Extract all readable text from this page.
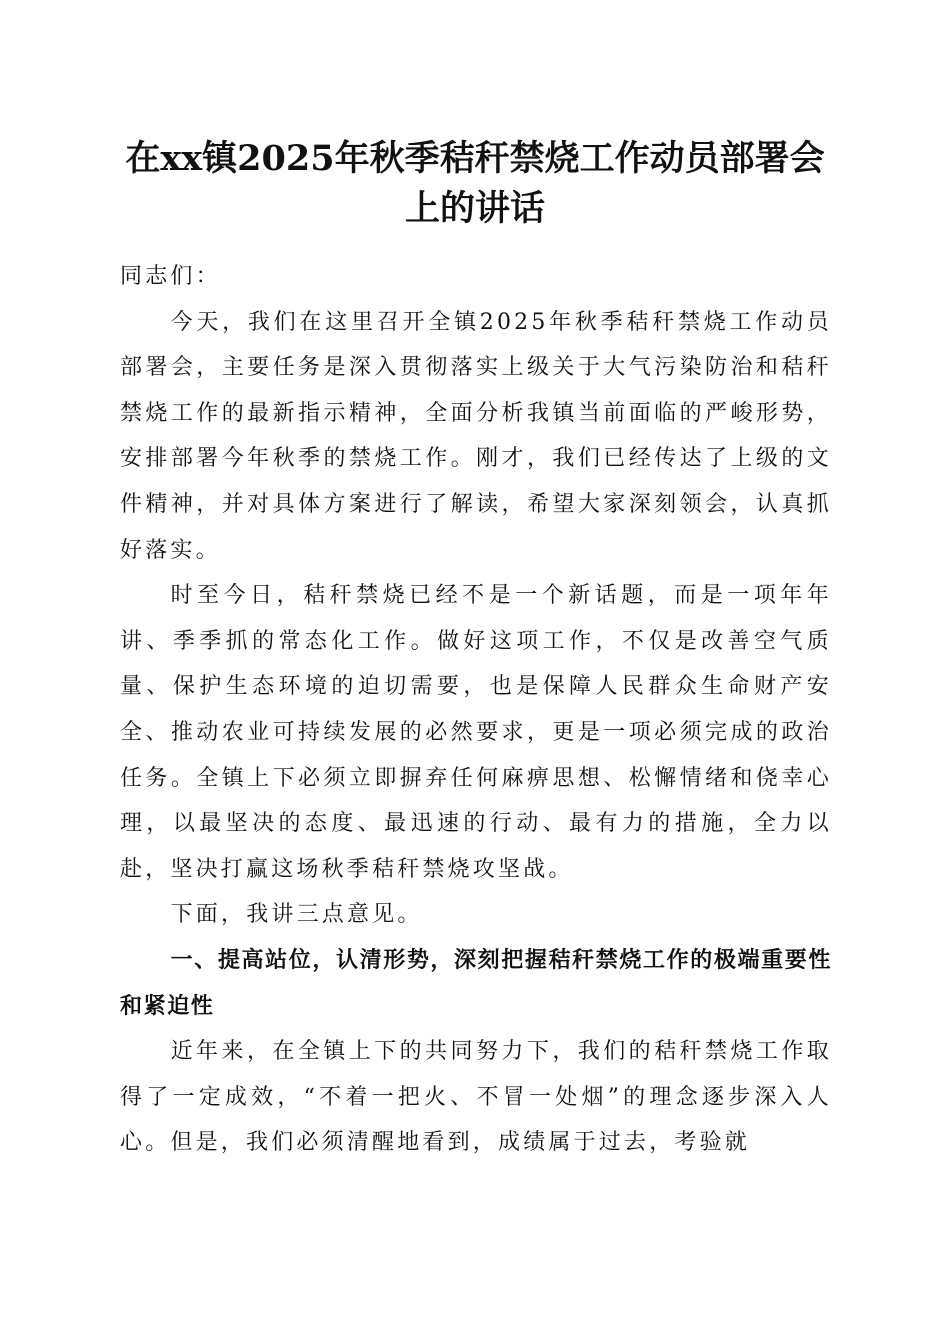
在xx镇2025年秋季秸秆禁烧工作动员部署会上的讲话

同志们：

今天，我们在这里召开全镇2025年秋季秸秆禁烧工作动员部署会，主要任务是深入贯彻落实上级关于大气污染防治和秸秆禁烧工作的最新指示精神，全面分析我镇当前面临的严峻形势，安排部署今年秋季的禁烧工作。刚才，我们已经传达了上级的文件精神，并对具体方案进行了解读，希望大家深刻领会，认真抓好落实。

时至今日，秸秆禁烧已经不是一个新话题，而是一项年年讲、季季抓的常态化工作。做好这项工作，不仅是改善空气质量、保护生态环境的迫切需要，也是保障人民群众生命财产安全、推动农业可持续发展的必然要求，更是一项必须完成的政治任务。全镇上下必须立即摒弃任何麻痹思想、松懈情绪和侥幸心理，以最坚决的态度、最迅速的行动、最有力的措施，全力以赴，坚决打赢这场秋季秸秆禁烧攻坚战。

下面，我讲三点意见。

一、提高站位，认清形势，深刻把握秸秆禁烧工作的极端重要性和紧迫性

近年来，在全镇上下的共同努力下，我们的秸秆禁烧工作取得了一定成效，“不着一把火、不冒一处烟”的理念逐步深入人心。但是，我们必须清醒地看到，成绩属于过去，考验就
